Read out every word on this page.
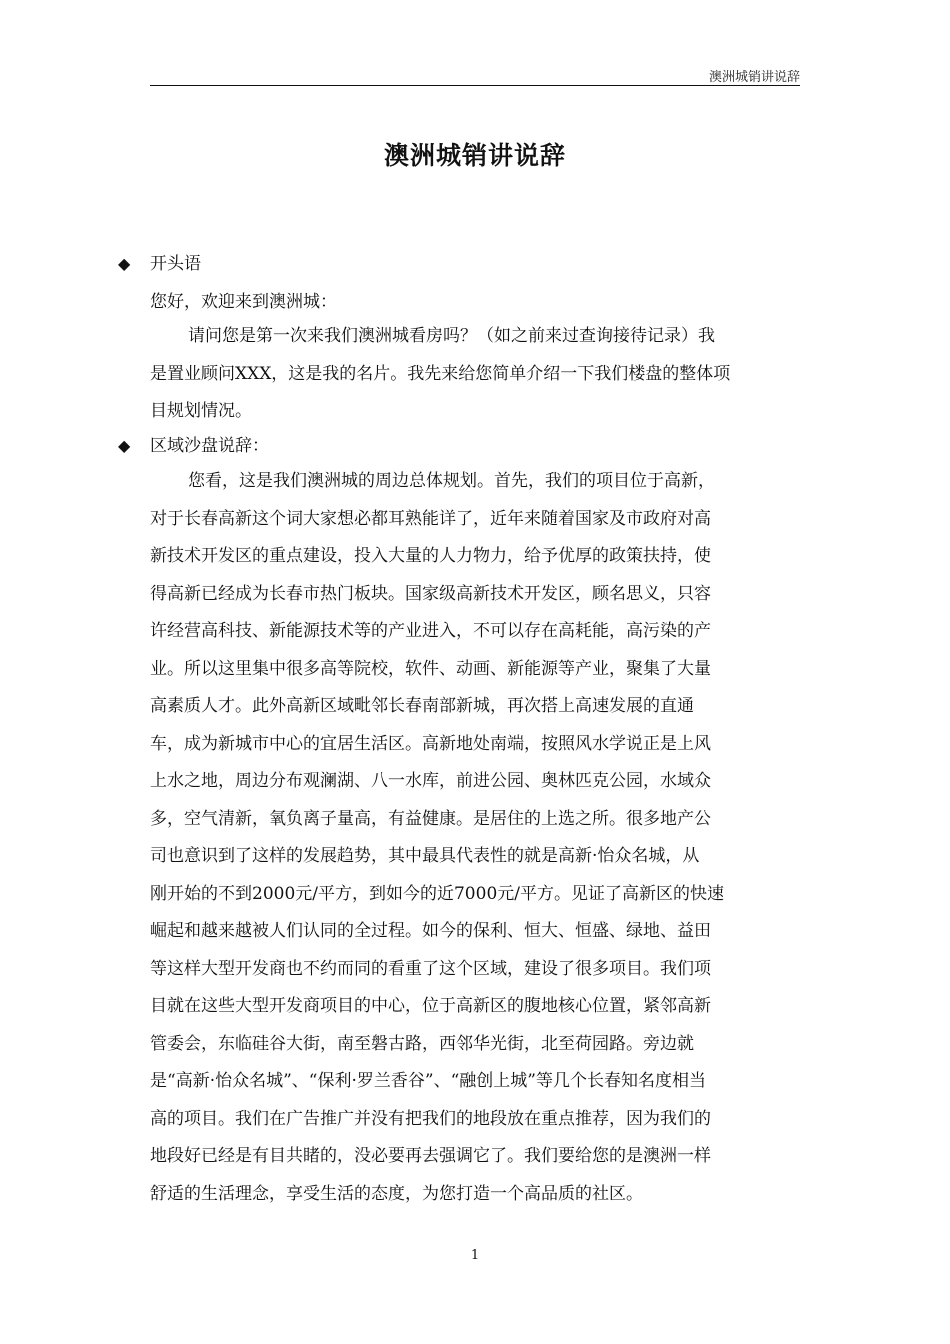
澳洲城销讲说辞
澳洲城销讲说辞
◆ 开头语
您好，欢迎来到澳洲城：
请问您是第一次来我们澳洲城看房吗？（如之前来过查询接待记录）我
是置业顾问XXX，这是我的名片。我先来给您简单介绍一下我们楼盘的整体项
目规划情况。
◆ 区域沙盘说辞：
您看，这是我们澳洲城的周边总体规划。首先，我们的项目位于高新，
对于长春高新这个词大家想必都耳熟能详了，近年来随着国家及市政府对高
新技术开发区的重点建设，投入大量的人力物力，给予优厚的政策扶持，使
得高新已经成为长春市热门板块。国家级高新技术开发区，顾名思义，只容
许经营高科技、新能源技术等的产业进入，不可以存在高耗能，高污染的产
业。所以这里集中很多高等院校，软件、动画、新能源等产业，聚集了大量
高素质人才。此外高新区域毗邻长春南部新城，再次搭上高速发展的直通
车，成为新城市中心的宜居生活区。高新地处南端，按照风水学说正是上风
上水之地，周边分布观澜湖、八一水库，前进公园、奥林匹克公园，水域众
多，空气清新，氧负离子量高，有益健康。是居住的上选之所。很多地产公
司也意识到了这样的发展趋势，其中最具代表性的就是高新·怡众名城，从
刚开始的不到2000元/平方，到如今的近7000元/平方。见证了高新区的快速
崛起和越来越被人们认同的全过程。如今的保利、恒大、恒盛、绿地、益田
等这样大型开发商也不约而同的看重了这个区域，建设了很多项目。我们项
目就在这些大型开发商项目的中心，位于高新区的腹地核心位置，紧邻高新
管委会，东临硅谷大街，南至磐古路，西邻华光街，北至荷园路。旁边就
是“高新·怡众名城”、“保利·罗兰香谷”、“融创上城”等几个长春知名度相当
高的项目。我们在广告推广并没有把我们的地段放在重点推荐，因为我们的
地段好已经是有目共睹的，没必要再去强调它了。我们要给您的是澳洲一样
舒适的生活理念，享受生活的态度，为您打造一个高品质的社区。
1
